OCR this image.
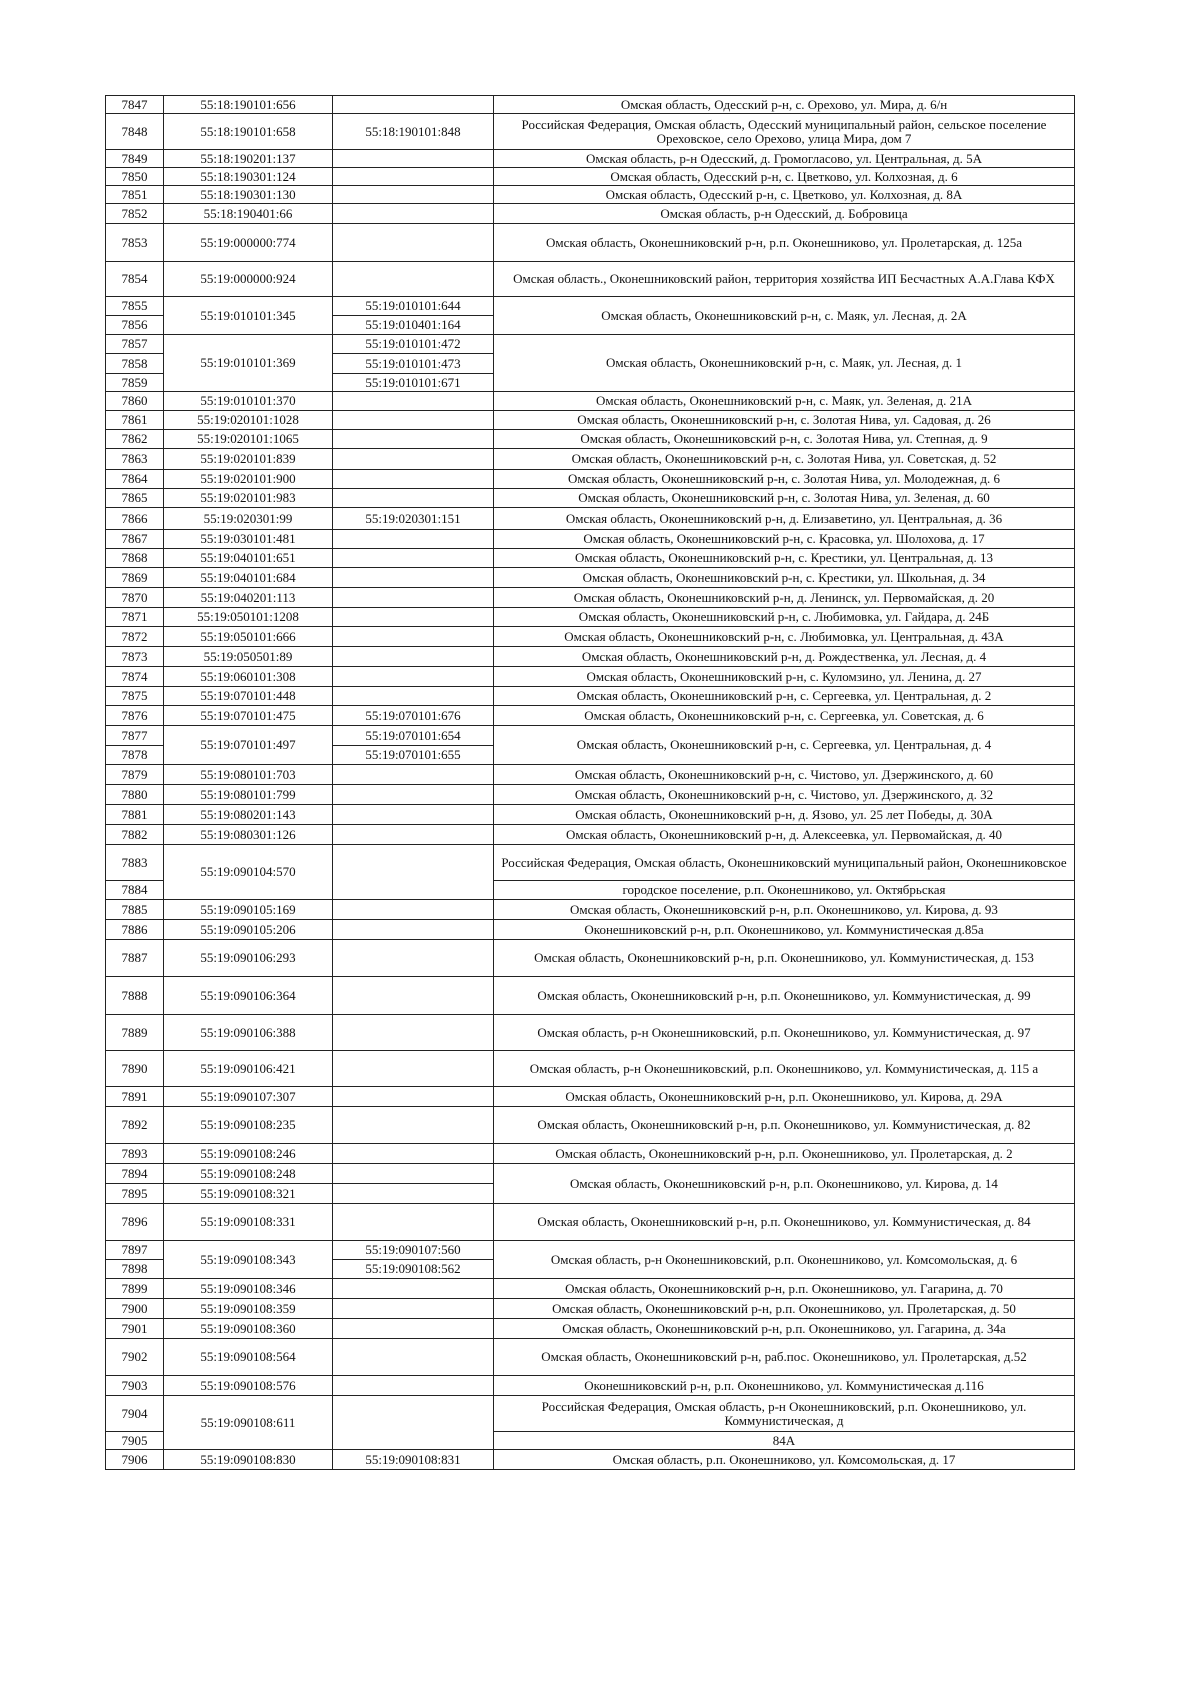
7847	55:18:190101:656		Омская область, Одесский р-н, с. Орехово, ул. Мира, д. 6/н
7848	55:18:190101:658	55:18:190101:848	Российская Федерация, Омская область, Одесский муниципальный район, сельское поселение Ореховское, село Орехово, улица Мира, дом 7
7849	55:18:190201:137		Омская область, р-н Одесский, д. Громогласово, ул. Центральная, д. 5А
7850	55:18:190301:124		Омская область, Одесский р-н, с. Цветково, ул. Колхозная, д. 6
7851	55:18:190301:130		Омская область, Одесский р-н, с. Цветково, ул. Колхозная, д. 8А
7852	55:18:190401:66		Омская область, р-н Одесский, д. Бобровица
7853	55:19:000000:774		Омская область, Оконешниковский р-н, р.п. Оконешниково, ул. Пролетарская, д. 125а
7854	55:19:000000:924		Омская область., Оконешниковский район, территория хозяйства ИП Бесчастных А.А.Глава КФХ
7855	55:19:010101:345	55:19:010101:644	Омская область, Оконешниковский р-н, с. Маяк, ул. Лесная, д. 2А
7856		55:19:010401:164	
7857	55:19:010101:369	55:19:010101:472	Омская область, Оконешниковский р-н, с. Маяк, ул. Лесная, д. 1
7858		55:19:010101:473	
7859		55:19:010101:671	
7860	55:19:010101:370		Омская область, Оконешниковский р-н, с. Маяк, ул. Зеленая, д. 21А
7861	55:19:020101:1028		Омская область, Оконешниковский р-н, с. Золотая Нива, ул. Садовая, д. 26
7862	55:19:020101:1065		Омская область, Оконешниковский р-н, с. Золотая Нива, ул. Степная, д. 9
7863	55:19:020101:839		Омская область, Оконешниковский р-н, с. Золотая Нива, ул. Советская, д. 52
7864	55:19:020101:900		Омская область, Оконешниковский р-н, с. Золотая Нива, ул. Молодежная, д. 6
7865	55:19:020101:983		Омская область, Оконешниковский р-н, с. Золотая Нива, ул. Зеленая, д. 60
7866	55:19:020301:99	55:19:020301:151	Омская область, Оконешниковский р-н, д. Елизаветино, ул. Центральная, д. 36
7867	55:19:030101:481		Омская область, Оконешниковский р-н, с. Красовка, ул. Шолохова, д. 17
7868	55:19:040101:651		Омская область, Оконешниковский р-н, с. Крестики, ул. Центральная, д. 13
7869	55:19:040101:684		Омская область, Оконешниковский р-н, с. Крестики, ул. Школьная, д. 34
7870	55:19:040201:113		Омская область, Оконешниковский р-н, д. Ленинск, ул. Первомайская, д. 20
7871	55:19:050101:1208		Омская область, Оконешниковский р-н, с. Любимовка, ул. Гайдара, д. 24Б
7872	55:19:050101:666		Омская область, Оконешниковский р-н, с. Любимовка, ул. Центральная, д. 43А
7873	55:19:050501:89		Омская область, Оконешниковский р-н, д. Рождественка, ул. Лесная, д. 4
7874	55:19:060101:308		Омская область, Оконешниковский р-н, с. Куломзино, ул. Ленина, д. 27
7875	55:19:070101:448		Омская область, Оконешниковский р-н, с. Сергеевка, ул. Центральная, д. 2
7876	55:19:070101:475	55:19:070101:676	Омская область, Оконешниковский р-н, с. Сергеевка, ул. Советская, д. 6
7877	55:19:070101:497	55:19:070101:654	Омская область, Оконешниковский р-н, с. Сергеевка, ул. Центральная, д. 4
7878		55:19:070101:655	
7879	55:19:080101:703		Омская область, Оконешниковский р-н, с. Чистово, ул. Дзержинского, д. 60
7880	55:19:080101:799		Омская область, Оконешниковский р-н, с. Чистово, ул. Дзержинского, д. 32
7881	55:19:080201:143		Омская область, Оконешниковский р-н, д. Язово, ул. 25 лет Победы, д. 30А
7882	55:19:080301:126		Омская область, Оконешниковский р-н, д. Алексеевка, ул. Первомайская, д. 40
7883	55:19:090104:570		Российская Федерация, Омская область, Оконешниковский муниципальный район, Оконешниковское
7884			городское поселение, р.п. Оконешниково, ул. Октябрьская
7885	55:19:090105:169		Омская область, Оконешниковский р-н, р.п. Оконешниково, ул. Кирова, д. 93
7886	55:19:090105:206		Оконешниковский р-н, р.п. Оконешниково, ул. Коммунистическая д.85а
7887	55:19:090106:293		Омская область, Оконешниковский р-н, р.п. Оконешниково, ул. Коммунистическая, д. 153
7888	55:19:090106:364		Омская область, Оконешниковский р-н, р.п. Оконешниково, ул. Коммунистическая, д. 99
7889	55:19:090106:388		Омская область, р-н Оконешниковский, р.п. Оконешниково, ул. Коммунистическая, д. 97
7890	55:19:090106:421		Омская область, р-н Оконешниковский, р.п. Оконешниково, ул. Коммунистическая, д. 115 а
7891	55:19:090107:307		Омская область, Оконешниковский р-н, р.п. Оконешниково, ул. Кирова, д. 29А
7892	55:19:090108:235		Омская область, Оконешниковский р-н, р.п. Оконешниково, ул. Коммунистическая, д. 82
7893	55:19:090108:246		Омская область, Оконешниковский р-н, р.п. Оконешниково, ул. Пролетарская, д. 2
7894	55:19:090108:248		Омская область, Оконешниковский р-н, р.п. Оконешниково, ул. Кирова, д. 14
7895	55:19:090108:321		
7896	55:19:090108:331		Омская область, Оконешниковский р-н, р.п. Оконешниково, ул. Коммунистическая, д. 84
7897	55:19:090108:343	55:19:090107:560	Омская область, р-н Оконешниковский, р.п. Оконешниково, ул. Комсомольская, д. 6
7898		55:19:090108:562	
7899	55:19:090108:346		Омская область, Оконешниковский р-н, р.п. Оконешниково, ул. Гагарина, д. 70
7900	55:19:090108:359		Омская область, Оконешниковский р-н, р.п. Оконешниково, ул. Пролетарская, д. 50
7901	55:19:090108:360		Омская область, Оконешниковский р-н, р.п. Оконешниково, ул. Гагарина, д. 34а
7902	55:19:090108:564		Омская область, Оконешниковский р-н, раб.пос. Оконешниково, ул. Пролетарская, д.52
7903	55:19:090108:576		Оконешниковский р-н, р.п. Оконешниково, ул. Коммунистическая д.116
7904	55:19:090108:611		Российская Федерация, Омская область, р-н Оконешниковский, р.п. Оконешниково, ул. Коммунистическая, д
7905			84А
7906	55:19:090108:830	55:19:090108:831	Омская область, р.п. Оконешниково, ул. Комсомольская, д. 17
